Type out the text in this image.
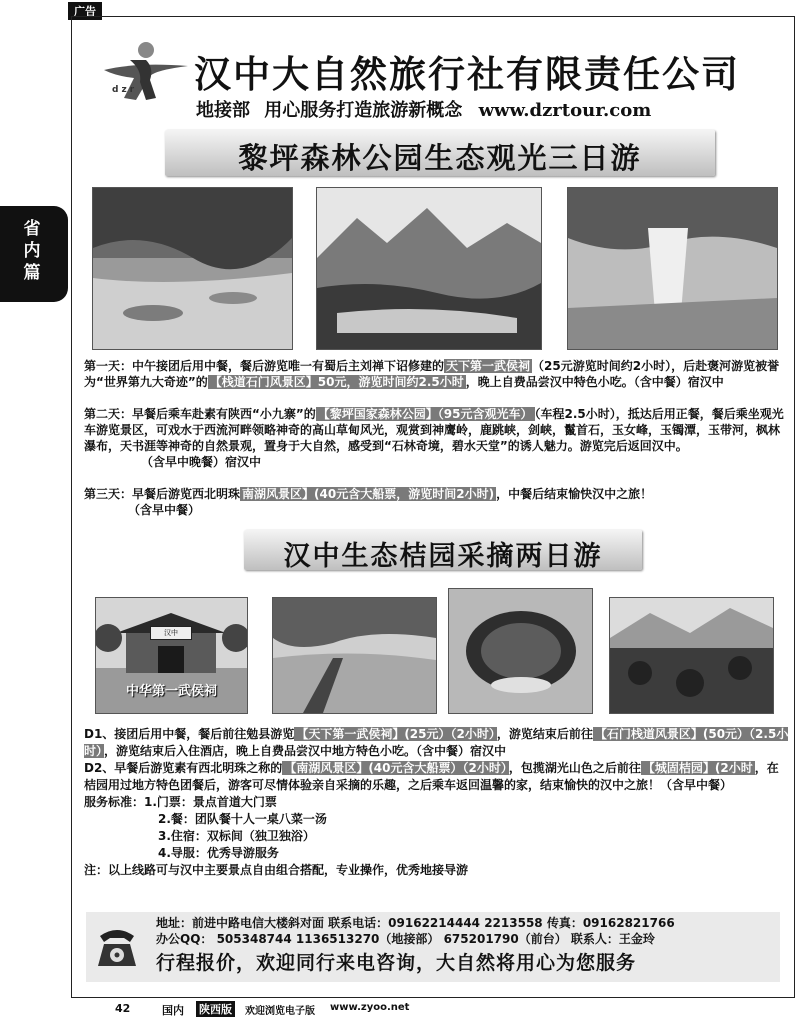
广告
省内篇
dzr 汉中大自然旅行社有限责任公司
地接部 用心服务打造旅游新概念 www.dzrtour.com
黎坪森林公园生态观光三日游
第一天：中午接团后用中餐，餐后游览唯一有蜀后主刘禅下诏修建的 天下第一武侯祠 （25元游览时间约2小时），后赴褒河游览被誉为“世界第九大奇迹”的 【栈道石门风景区】50元，游览时间约2.5小时 ，晚上自费品尝汉中特色小吃。（含中餐）宿汉中
第二天：早餐后乘车赴素有陕西“小九寨”的 【黎坪国家森林公园】（95元含观光车） （车程2.5小时），抵达后用正餐，餐后乘坐观光车游览景区，可戏水于西流河畔领略神奇的高山草甸风光，观赏到神鹰岭，鹿跳峡，剑峡，鬣首石，玉女峰，玉镯潭，玉带河，枫林瀑布，天书涯等神奇的自然景观，置身于大自然，感受到“石林奇境，碧水天堂”的诱人魅力。游览完后返回汉中。
（含早中晚餐）宿汉中
第三天：早餐后游览西北明珠 南湖风景区】(40元含大船票，游览时间2小时) ，中餐后结束愉快汉中之旅！
（含早中餐）
汉中生态桔园采摘两日游
汉中
中华第一武侯祠
D1、接团后用中餐，餐后前往勉县游览 【天下第一武侯祠】(25元）（2小时） ，游览结束后前往 【石门栈道风景区】(50元）（2.5小时） ，游览结束后入住酒店，晚上自费品尝汉中地方特色小吃。（含中餐）宿汉中
D2、早餐后游览素有西北明珠之称的 【南湖风景区】(40元含大船票）（2小时） ，包揽湖光山色之后前往 【城固桔园】(2小时 ，在桔园用过地方特色团餐后，游客可尽情体验亲自采摘的乐趣，之后乘车返回温馨的家，结束愉快的汉中之旅！（含早中餐）
服务标准：1.门票：景点首道大门票
2.餐：团队餐十人一桌八菜一汤
3.住宿：双标间（独卫独浴）
4.导服：优秀导游服务
注：以上线路可与汉中主要景点自由组合搭配，专业操作，优秀地接导游
地址：前进中路电信大楼斜对面 联系电话：09162214444 2213558 传真：09162821766
办公QQ： 505348744 1136513270（地接部） 675201790（前台） 联系人：王金玲
行程报价，欢迎同行来电咨询，大自然将用心为您服务
42	国内 陕西版	欢迎浏览电子版 www.zyoo.net
